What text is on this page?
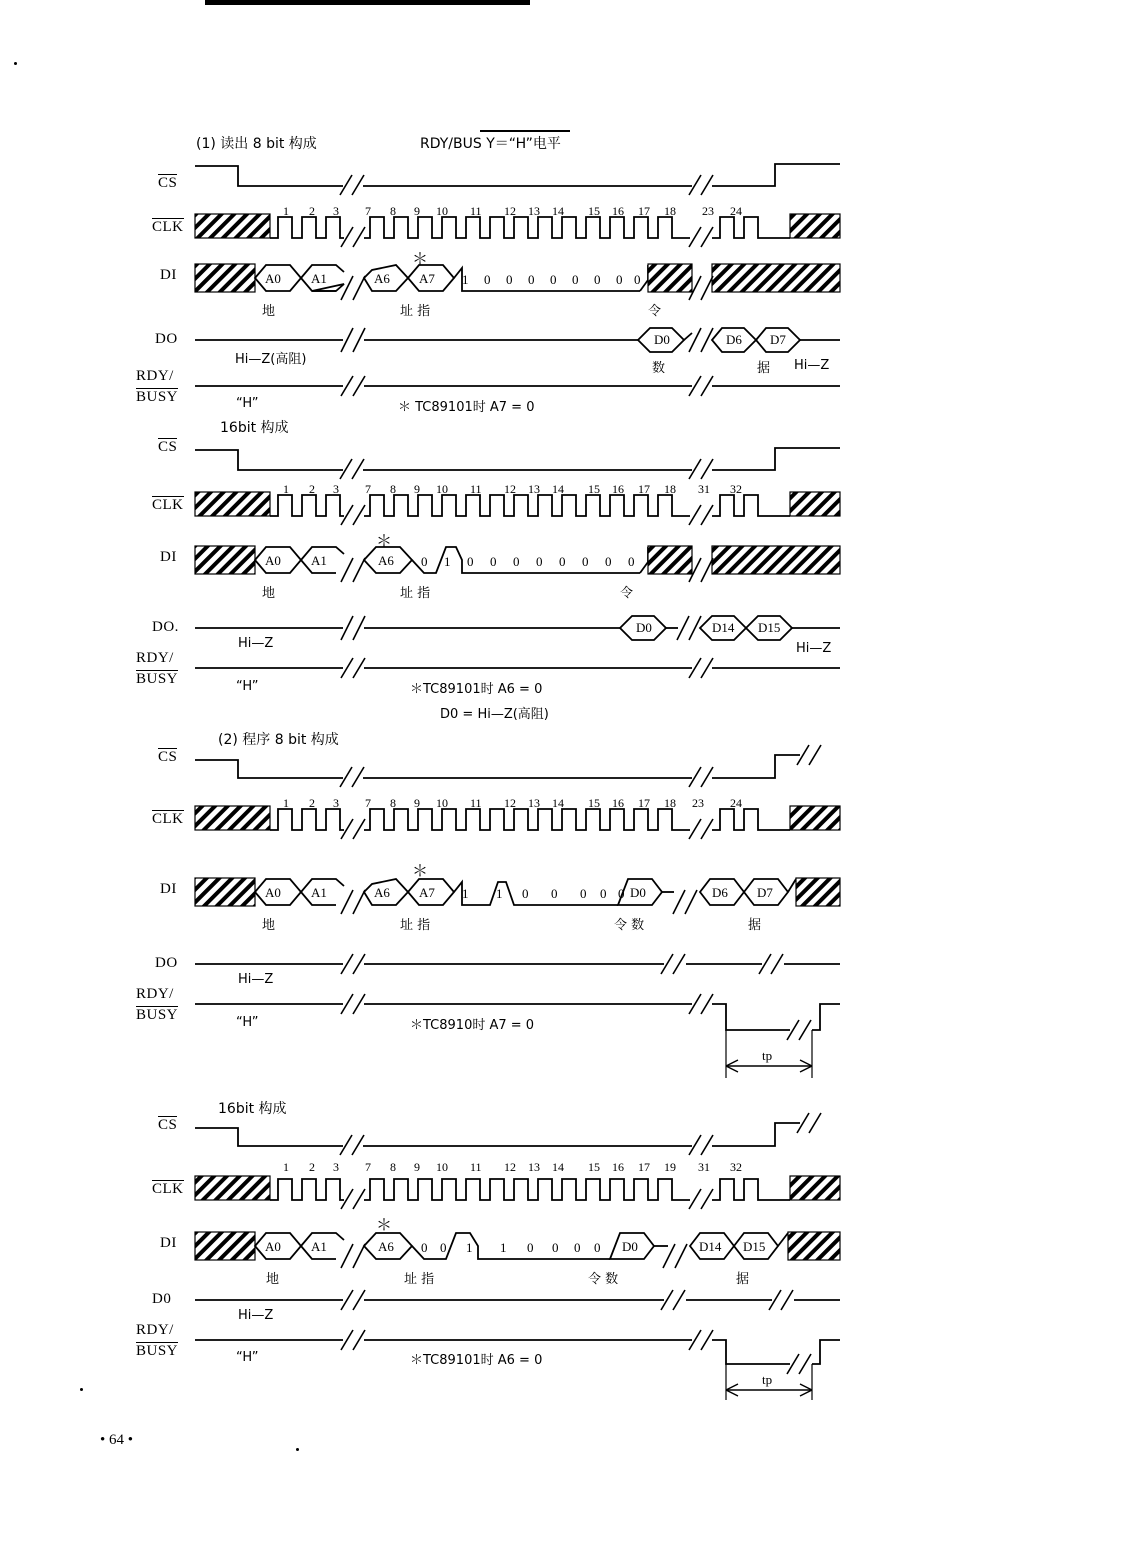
(1) 读出 8 bit 构成	RDY/BUS Y＝“H”电平
16bit 构成
(2) 程序 8 bit 构成
16bit 构成
CS
CLK
DI
DO
RDY/
BUSY
1 2 3 7 8 9 10 11 12 13 14 15 16 17 18 23 24
A0 A1	A6 A7 1 0 0 0 0 0 0 0 0
＊
地	址 指	令
D0	D6 D7
数	据 Hi—Z
Hi—Z(高阻)
“H”	＊ TC89101时 A7 = 0
CS
CLK
DI
DO.
RDY/
BUSY
1 2 3 7 8 9 10 11 12 13 14 15 16 17 18 31 32
A0 A1	A6 0 1 0 0 0 0 0 0 0 0
＊
地	址 指	令
D0	D14 D15
Hi—Z	Hi—Z
“H”	＊TC89101时 A6 = 0
D0 = Hi—Z(高阻)
CS
CLK
DI
DO
RDY/
BUSY
1 2 3 7 8 9 10 11 12 13 14 15 16 17 18 23 24
A0 A1	A6 A7	D0	D6 D7
1 1 0 0 0 0 0
＊
地	址 指	令 数	据
Hi—Z
“H”	＊TC8910时 A7 = 0
tp
CS
CLK
DI
D0
RDY/
BUSY
1 2 3 7 8 9 10 11 12 13 14 15 16 17 19 31 32
A0 A1	A6	D0	D14 D15
0 0 1 1 0 0 0 0
＊
地	址 指	令 数	据
Hi—Z
“H”	＊TC89101时 A6 = 0
tp
• 64 •
